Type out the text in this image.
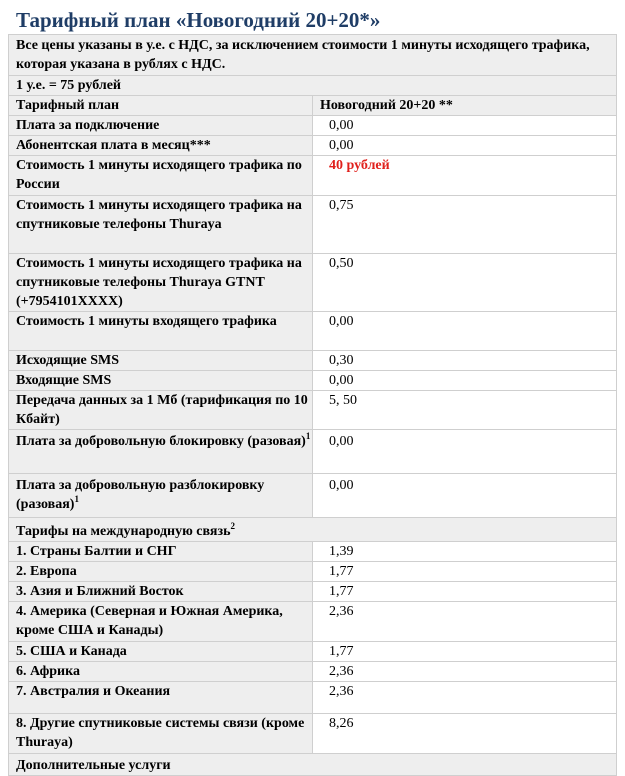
Тарифный план «Новогодний 20+20*»
Все цены указаны в у.е. с НДС, за исключением стоимости 1 минуты исходящего трафика, которая указана в рублях с НДС.	
1 у.е. = 75 рублей	
Тарифный план	Новогодний 20+20 **
Плата за подключение	0,00
Абонентская плата в месяц***	0,00
Стоимость 1 минуты исходящего трафика по России	40 рублей
Стоимость 1 минуты исходящего трафика на спутниковые телефоны Thuraya	0,75
Стоимость 1 минуты исходящего трафика на спутниковые телефоны Thuraya GTNT (+7954101XXXX)	0,50
Стоимость 1 минуты входящего трафика	0,00
Исходящие SMS	0,30
Входящие SMS	0,00
Передача данных за 1 Мб (тарификация по 10 Кбайт)	5, 50
Плата за добровольную блокировку (разовая)$^1$	0,00
Плата за добровольную разблокировку (разовая)$^1$	0,00
Тарифы на международную связь$^2$
1. Страны Балтии и СНГ	1,39
2. Европа	1,77
3. Азия и Ближний Восток	1,77
4. Америка (Северная и Южная Америка, кроме США и Канады)	2,36
5. США и Канада	1,77
6. Африка	2,36
7. Австралия и Океания	2,36
8. Другие спутниковые системы связи (кроме Thuraya)	8,26
Дополнительные услуги	
